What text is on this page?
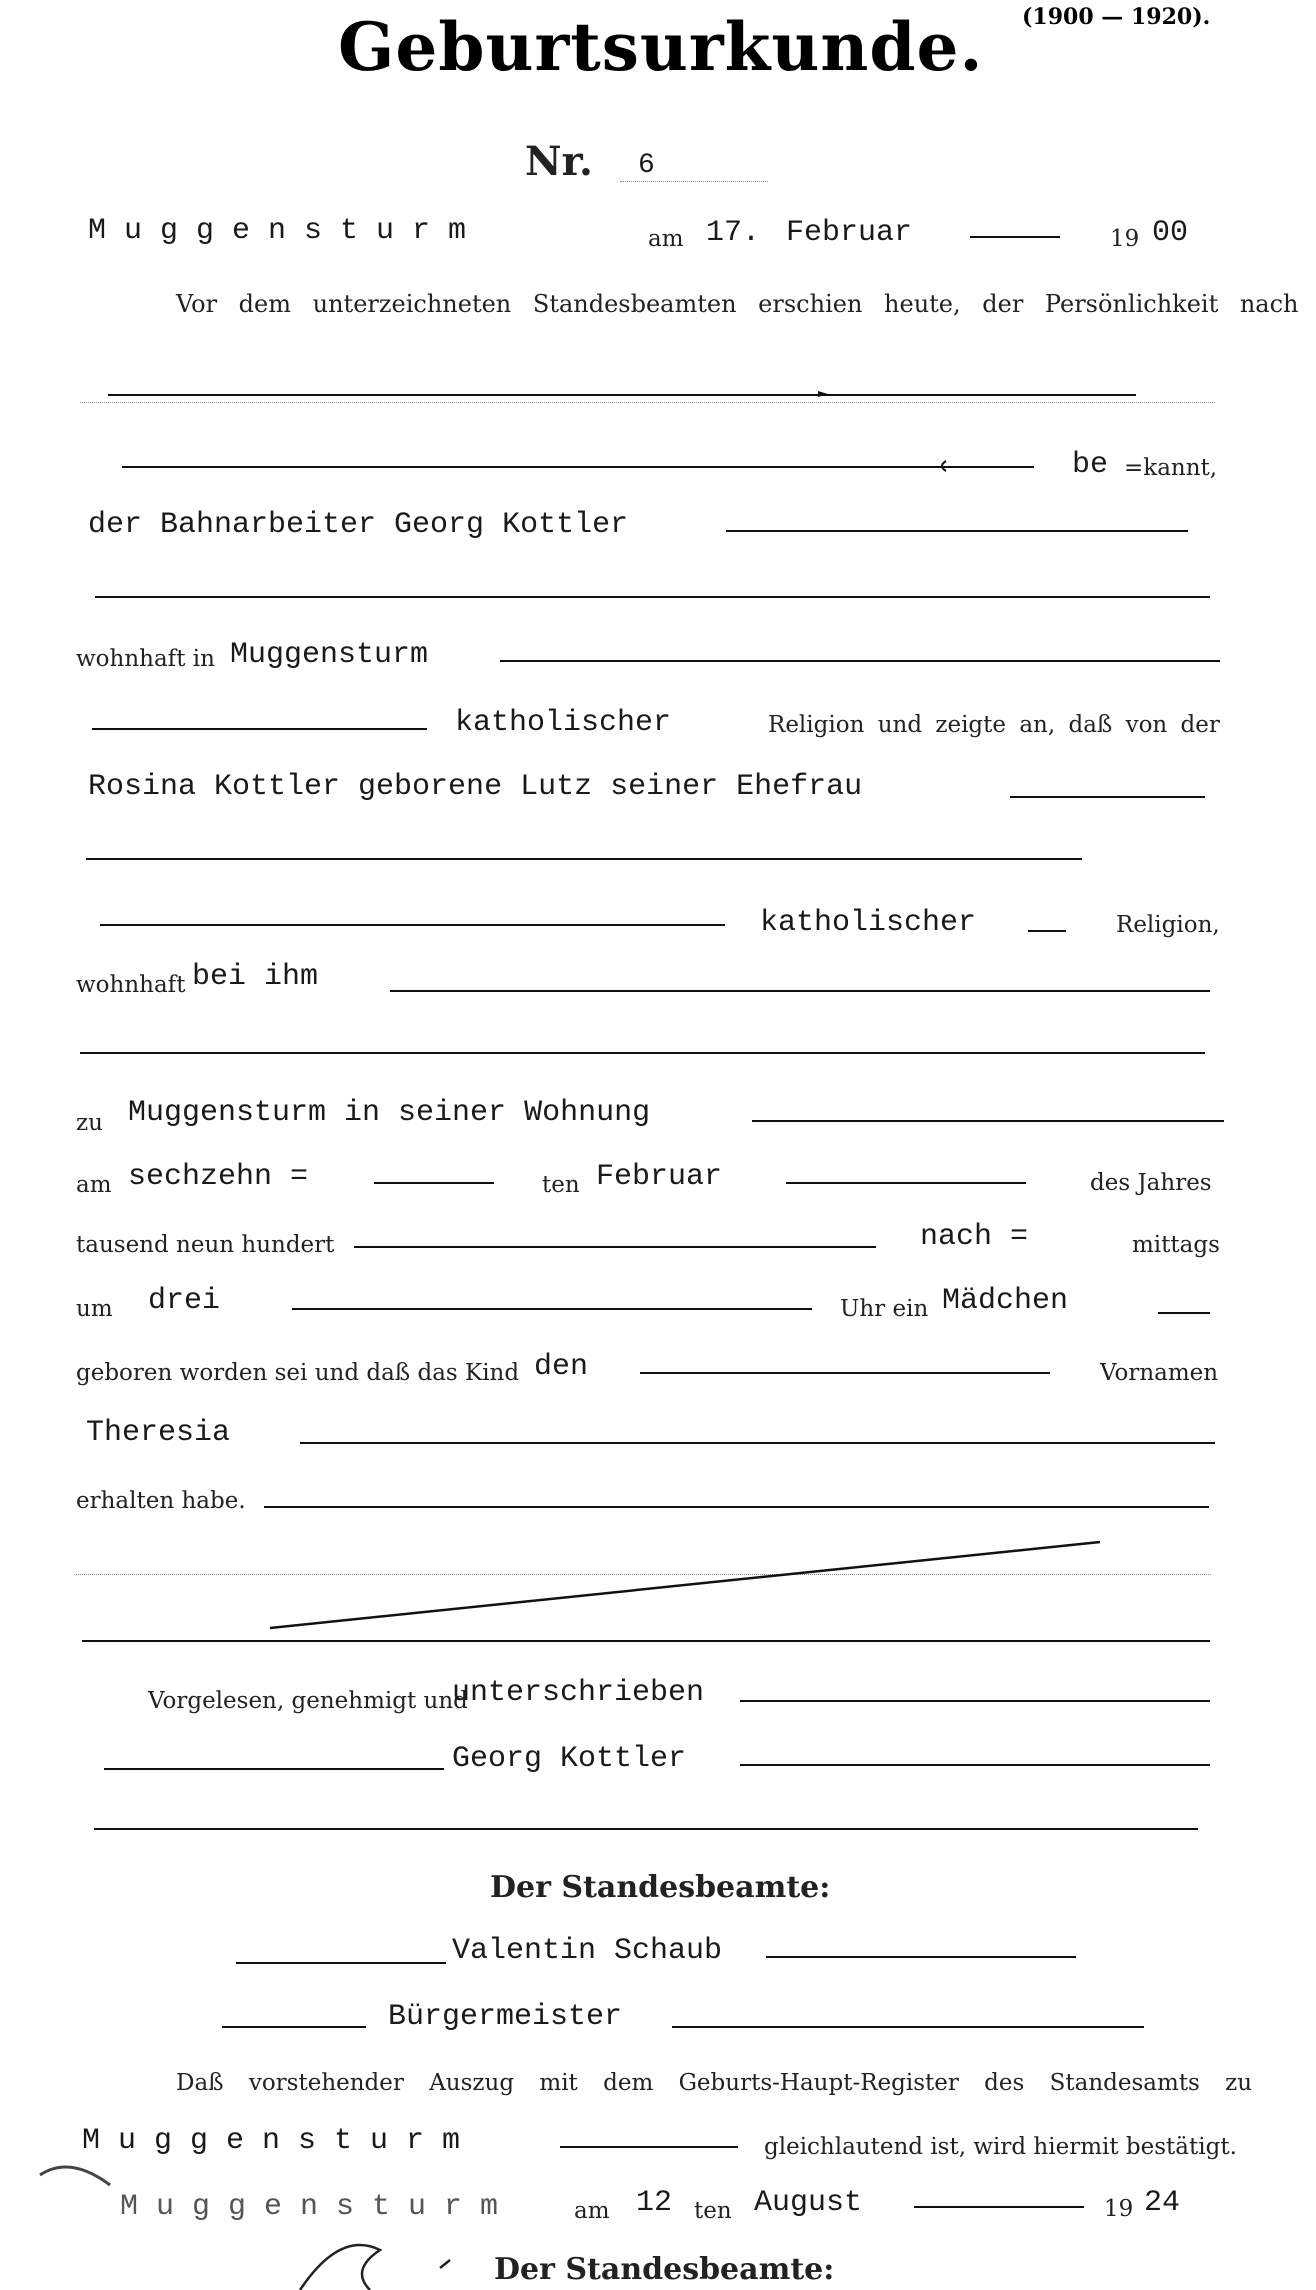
(1900 — 1920).
Geburtsurkunde.
Nr. 6
Muggensturm	am 17. Februar	19 00
Vor dem unterzeichneten Standesbeamten erschien heute, der Persönlichkeit nach
be =kannt,
der Bahnarbeiter Georg Kottler
wohnhaft in Muggensturm
katholischer	Religion und zeigte an, daß von der
Rosina Kottler geborene Lutz seiner Ehefrau
katholischer	Religion,
wohnhaft bei ihm
zu Muggensturm in seiner Wohnung
am sechzehn =	ten Februar	des Jahres
tausend neun hundert	nach =	mittags
um drei	Uhr ein Mädchen
geboren worden sei und daß das Kind den	Vornamen
Theresia
erhalten habe.
Vorgelesen, genehmigt und
unterschrieben
Georg Kottler
Der Standesbeamte:
Valentin Schaub
Bürgermeister
Daß vorstehender Auszug mit dem Geburts-Haupt-Register des Standesamts zu
Muggensturm	gleichlautend ist, wird hiermit bestätigt.
Muggensturm	am 12 ten August	19 24
Der Standesbeamte:
